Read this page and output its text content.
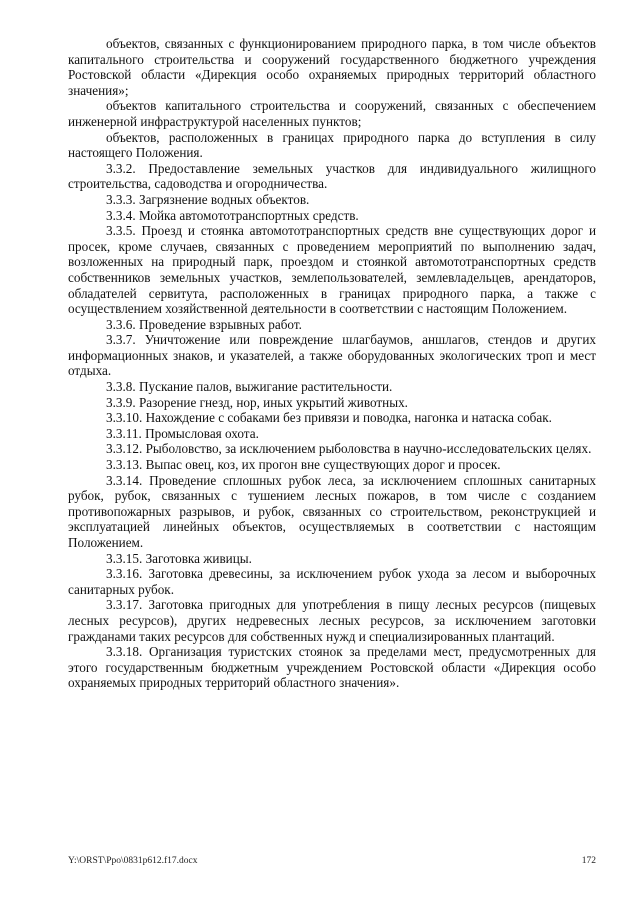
объектов, связанных с функционированием природного парка, в том числе объектов капитального строительства и сооружений государственного бюджетного учреждения Ростовской области «Дирекция особо охраняемых природных территорий областного значения»;

объектов капитального строительства и сооружений, связанных с обеспечением инженерной инфраструктурой населенных пунктов;

объектов, расположенных в границах природного парка до вступления в силу настоящего Положения.

3.3.2. Предоставление земельных участков для индивидуального жилищного строительства, садоводства и огородничества.

3.3.3. Загрязнение водных объектов.

3.3.4. Мойка автомототранспортных средств.

3.3.5. Проезд и стоянка автомототранспортных средств вне существующих дорог и просек, кроме случаев, связанных с проведением мероприятий по выполнению задач, возложенных на природный парк, проездом и стоянкой автомототранспортных средств собственников земельных участков, землепользователей, землевладельцев, арендаторов, обладателей сервитута, расположенных в границах природного парка, а также с осуществлением хозяйственной деятельности в соответствии с настоящим Положением.

3.3.6. Проведение взрывных работ.

3.3.7. Уничтожение или повреждение шлагбаумов, аншлагов, стендов и других информационных знаков, и указателей, а также оборудованных экологических троп и мест отдыха.

3.3.8. Пускание палов, выжигание растительности.

3.3.9. Разорение гнезд, нор, иных укрытий животных.

3.3.10. Нахождение с собаками без привязи и поводка, нагонка и натаска собак.

3.3.11. Промысловая охота.

3.3.12. Рыболовство, за исключением рыболовства в научно-исследовательских целях.

3.3.13. Выпас овец, коз, их прогон вне существующих дорог и просек.

3.3.14. Проведение сплошных рубок леса, за исключением сплошных санитарных рубок, рубок, связанных с тушением лесных пожаров, в том числе с созданием противопожарных разрывов, и рубок, связанных со строительством, реконструкцией и эксплуатацией линейных объектов, осуществляемых в соответствии с настоящим Положением.

3.3.15. Заготовка живицы.

3.3.16. Заготовка древесины, за исключением рубок ухода за лесом и выборочных санитарных рубок.

3.3.17. Заготовка пригодных для употребления в пищу лесных ресурсов (пищевых лесных ресурсов), других недревесных лесных ресурсов, за исключением заготовки гражданами таких ресурсов для собственных нужд и специализированных плантаций.

3.3.18. Организация туристских стоянок за пределами мест, предусмотренных для этого государственным бюджетным учреждением Ростовской области «Дирекция особо охраняемых природных территорий областного значения».

Y:\ORST\Ppo\0831p612.f17.docx	172
